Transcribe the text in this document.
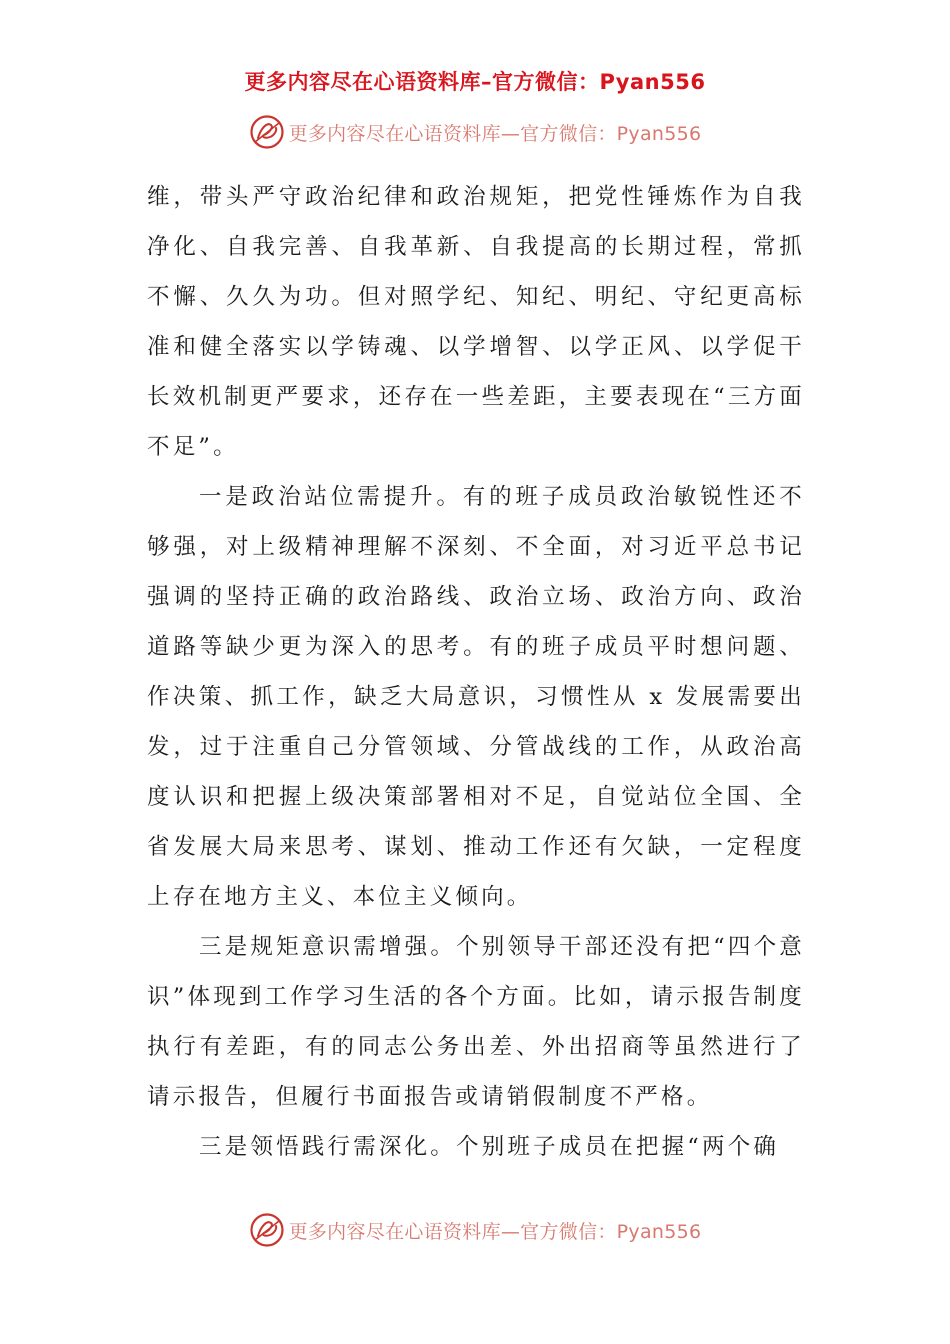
更多内容尽在心语资料库–官方微信：Pyan556
更多内容尽在心语资料库—官方微信：Pyan556

维，带头严守政治纪律和政治规矩，把党性锤炼作为自我净化、自我完善、自我革新、自我提高的长期过程，常抓不懈、久久为功。但对照学纪、知纪、明纪、守纪更高标准和健全落实以学铸魂、以学增智、以学正风、以学促干长效机制更严要求，还存在一些差距，主要表现在“三方面不足”。

一是政治站位需提升。有的班子成员政治敏锐性还不够强，对上级精神理解不深刻、不全面，对习近平总书记强调的坚持正确的政治路线、政治立场、政治方向、政治道路等缺少更为深入的思考。有的班子成员平时想问题、作决策、抓工作，缺乏大局意识，习惯性从 x 发展需要出发，过于注重自己分管领域、分管战线的工作，从政治高度认识和把握上级决策部署相对不足，自觉站位全国、全省发展大局来思考、谋划、推动工作还有欠缺，一定程度上存在地方主义、本位主义倾向。

三是规矩意识需增强。个别领导干部还没有把“四个意识”体现到工作学习生活的各个方面。比如，请示报告制度执行有差距，有的同志公务出差、外出招商等虽然进行了请示报告，但履行书面报告或请销假制度不严格。

三是领悟践行需深化。个别班子成员在把握“两个确

更多内容尽在心语资料库—官方微信：Pyan556
